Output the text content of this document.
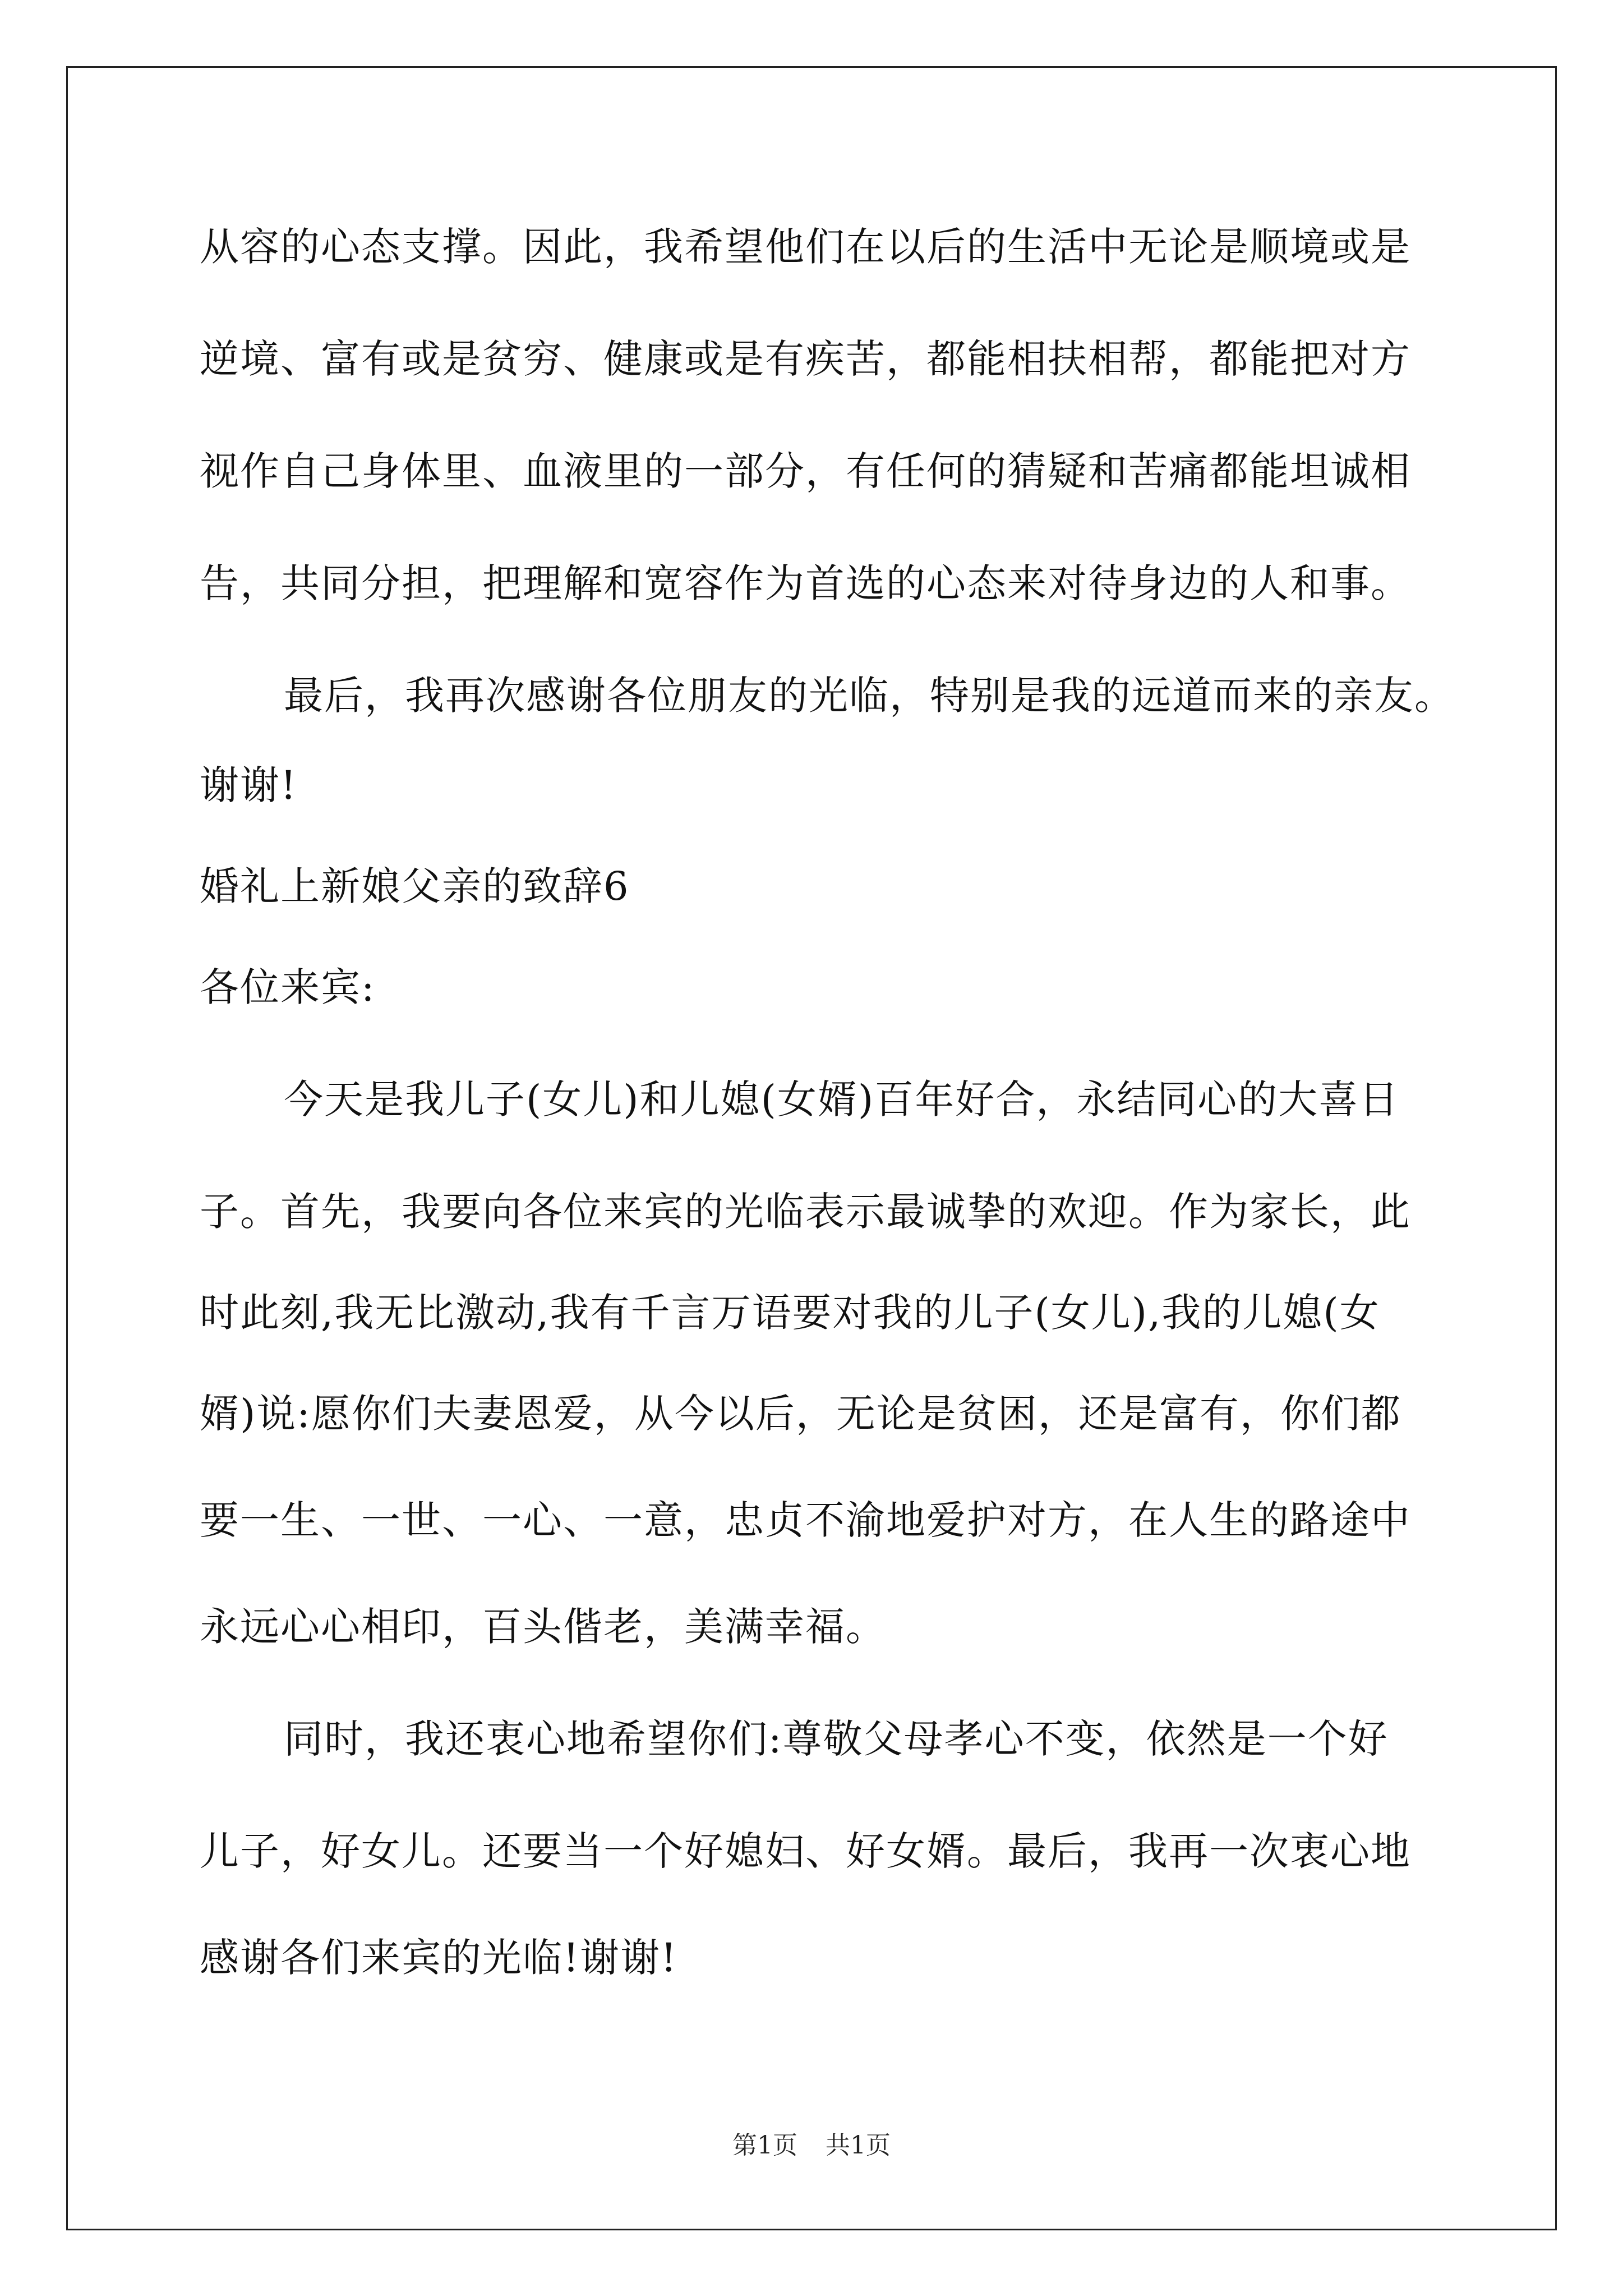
从容的心态支撑。因此，我希望他们在以后的生活中无论是顺境或是
逆境、富有或是贫穷、健康或是有疾苦，都能相扶相帮，都能把对方
视作自己身体里、血液里的一部分，有任何的猜疑和苦痛都能坦诚相
告，共同分担，把理解和宽容作为首选的心态来对待身边的人和事。
最后，我再次感谢各位朋友的光临，特别是我的远道而来的亲友。
谢谢!
婚礼上新娘父亲的致辞6
各位来宾:
今天是我儿子(女儿)和儿媳(女婿)百年好合，永结同心的大喜日
子。首先，我要向各位来宾的光临表示最诚挚的欢迎。作为家长，此
时此刻,我无比激动,我有千言万语要对我的儿子(女儿),我的儿媳(女
婿)说:愿你们夫妻恩爱，从今以后，无论是贫困，还是富有，你们都
要一生、一世、一心、一意，忠贞不渝地爱护对方，在人生的路途中
永远心心相印，百头偕老，美满幸福。
同时，我还衷心地希望你们:尊敬父母孝心不变，依然是一个好
儿子，好女儿。还要当一个好媳妇、好女婿。最后，我再一次衷心地
感谢各们来宾的光临!谢谢!
第1页 共1页
